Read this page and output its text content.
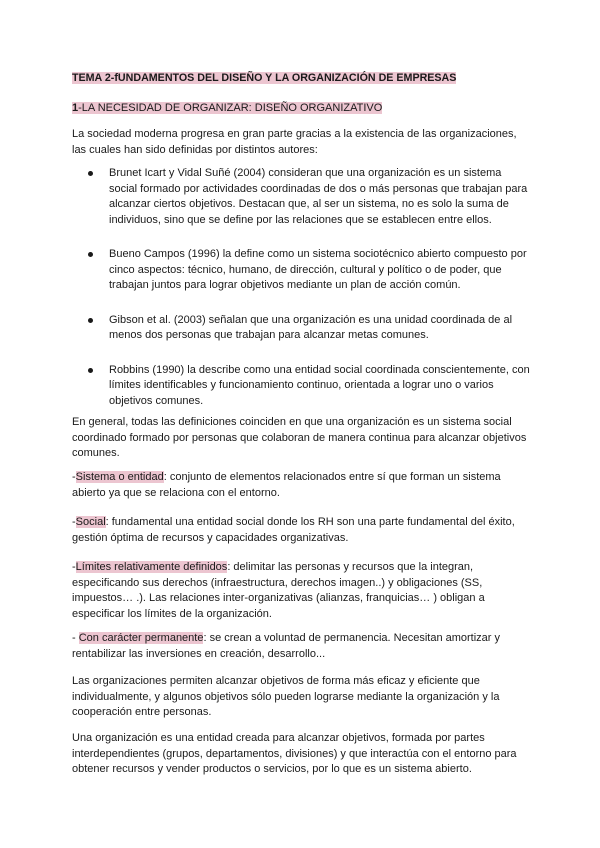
TEMA 2-fUNDAMENTOS DEL DISEÑO Y LA ORGANIZACIÓN DE EMPRESAS

1-LA NECESIDAD DE ORGANIZAR: DISEÑO ORGANIZATIVO

La sociedad moderna progresa en gran parte gracias a la existencia de las organizaciones, las cuales han sido definidas por distintos autores:

Brunet Icart y Vidal Suñé (2004) consideran que una organización es un sistema social formado por actividades coordinadas de dos o más personas que trabajan para alcanzar ciertos objetivos. Destacan que, al ser un sistema, no es solo la suma de individuos, sino que se define por las relaciones que se establecen entre ellos.
Bueno Campos (1996) la define como un sistema sociotécnico abierto compuesto por cinco aspectos: técnico, humano, de dirección, cultural y político o de poder, que trabajan juntos para lograr objetivos mediante un plan de acción común.
Gibson et al. (2003) señalan que una organización es una unidad coordinada de al menos dos personas que trabajan para alcanzar metas comunes.
Robbins (1990) la describe como una entidad social coordinada conscientemente, con límites identificables y funcionamiento continuo, orientada a lograr uno o varios objetivos comunes.

En general, todas las definiciones coinciden en que una organización es un sistema social coordinado formado por personas que colaboran de manera continua para alcanzar objetivos comunes.

-Sistema o entidad: conjunto de elementos relacionados entre sí que forman un sistema abierto ya que se relaciona con el entorno.

-Social: fundamental una entidad social donde los RH son una parte fundamental del éxito, gestión óptima de recursos y capacidades organizativas.

-Límites relativamente definidos: delimitar las personas y recursos que la integran, especificando sus derechos (infraestructura, derechos imagen..) y obligaciones (SS, impuestos… .). Las relaciones inter-organizativas (alianzas, franquicias… ) obligan a especificar los límites de la organización.

- Con carácter permanente: se crean a voluntad de permanencia. Necesitan amortizar y rentabilizar las inversiones en creación, desarrollo...

Las organizaciones permiten alcanzar objetivos de forma más eficaz y eficiente que individualmente, y algunos objetivos sólo pueden lograrse mediante la organización y la cooperación entre personas.

Una organización es una entidad creada para alcanzar objetivos, formada por partes interdependientes (grupos, departamentos, divisiones) y que interactúa con el entorno para obtener recursos y vender productos o servicios, por lo que es un sistema abierto.
